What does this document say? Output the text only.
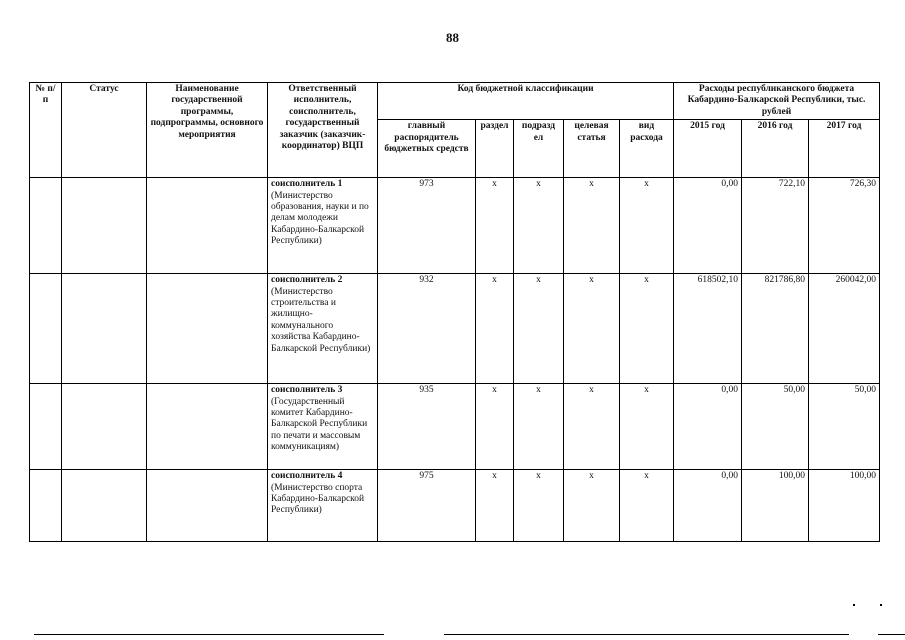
88
№ п/п	Статус	Наименование государственной программы, подпрограммы, основного мероприятия	Ответственный исполнитель, соисполнитель, государственный заказчик (заказчик-координатор) ВЦП	Код бюджетной классификации					Расходы республиканского бюджета Кабардино-Балкарской Республики, тыс. рублей		
				главный распорядитель бюджетных средств	раздел	подразд ел	целевая статья	вид расхода	2015 год	2016 год	2017 год
			соисполнитель 1 (Министерство образования, науки и по делам молодежи Кабардино-Балкарской Республики)	973	х	х	х	х	0,00	722,10	726,30
			соисполнитель 2 (Министерство строительства и жилищно-коммунального хозяйства Кабардино-Балкарской Республики)	932	х	х	х	х	618502,10	821786,80	260042,00
			соисполнитель 3 (Государственный комитет Кабардино-Балкарской Республики по печати и массовым коммуникациям)	935	х	х	х	х	0,00	50,00	50,00
			соисполнитель 4 (Министерство спорта Кабардино-Балкарской Республики)	975	х	х	х	х	0,00	100,00	100,00
